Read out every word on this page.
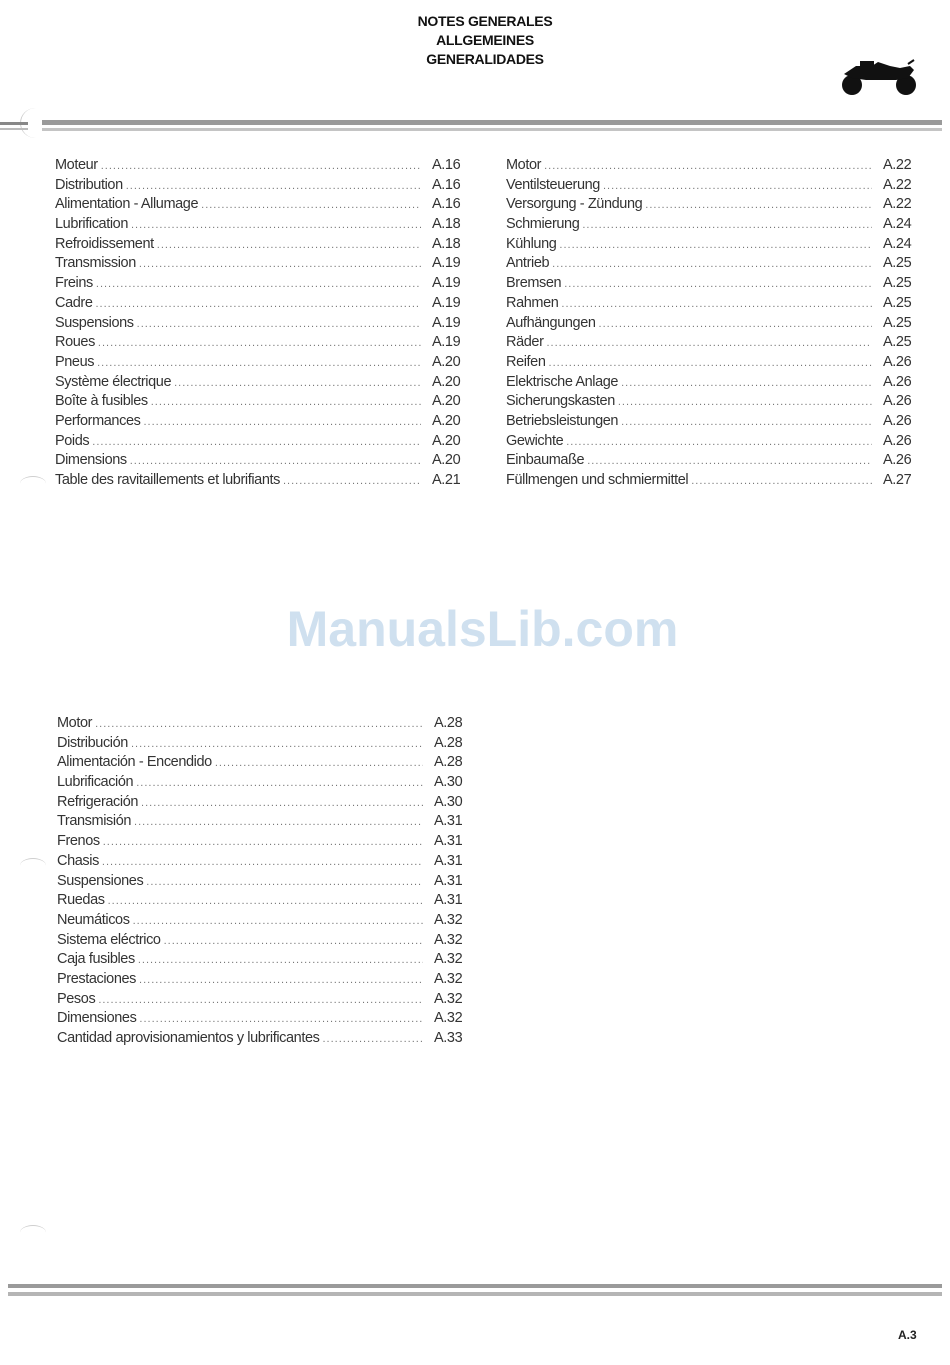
NOTES GENERALES
ALLGEMEINES
GENERALIDADES
Moteur .....	A.16
Distribution .....	A.16
Alimentation - Allumage .....	A.16
Lubrification .....	A.18
Refroidissement .....	A.18
Transmission .....	A.19
Freins .....	A.19
Cadre .....	A.19
Suspensions .....	A.19
Roues .....	A.19
Pneus .....	A.20
Système électrique .....	A.20
Boîte à fusibles .....	A.20
Performances .....	A.20
Poids .....	A.20
Dimensions .....	A.20
Table des ravitaillements et lubrifiants .....	A.21
Motor .....	A.22
Ventilsteuerung .....	A.22
Versorgung - Zündung .....	A.22
Schmierung .....	A.24
Kühlung .....	A.24
Antrieb .....	A.25
Bremsen .....	A.25
Rahmen .....	A.25
Aufhängungen .....	A.25
Räder .....	A.25
Reifen .....	A.26
Elektrische Anlage .....	A.26
Sicherungskasten .....	A.26
Betriebsleistungen .....	A.26
Gewichte .....	A.26
Einbaumaße .....	A.26
Füllmengen und schmiermittel .....	A.27
Motor .....	A.28
Distribución .....	A.28
Alimentación - Encendido .....	A.28
Lubrificación .....	A.30
Refrigeración .....	A.30
Transmisión .....	A.31
Frenos .....	A.31
Chasis .....	A.31
Suspensiones .....	A.31
Ruedas .....	A.31
Neumáticos .....	A.32
Sistema eléctrico .....	A.32
Caja fusibles .....	A.32
Prestaciones .....	A.32
Pesos .....	A.32
Dimensiones .....	A.32
Cantidad aprovisionamientos y lubrificantes .....	A.33
ManualsLib.com
A.3
